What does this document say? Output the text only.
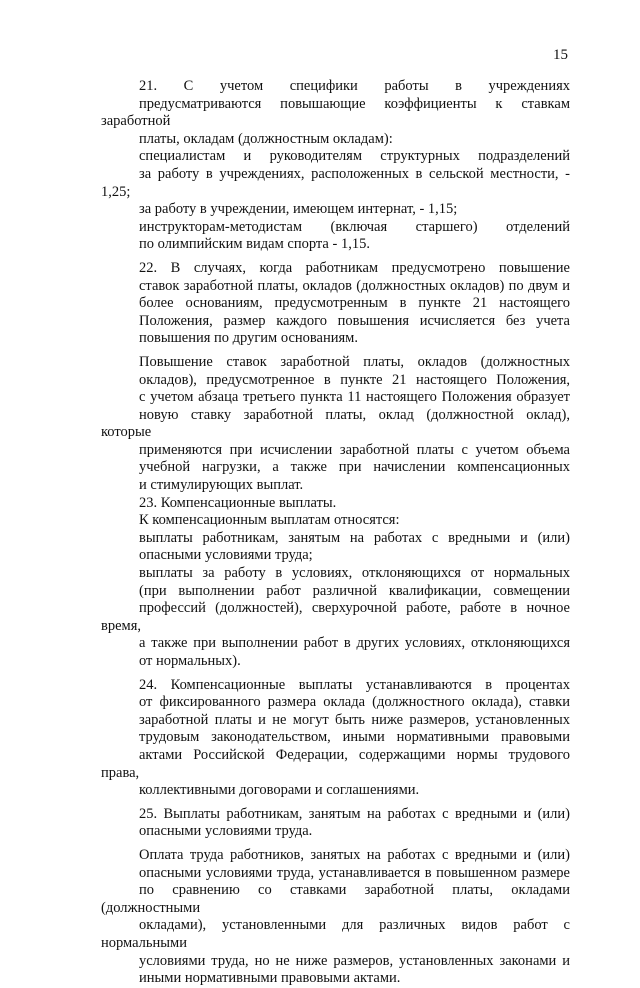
15
21. С учетом специфики работы в учреждениях
предусматриваются повышающие коэффициенты к ставкам заработной
платы, окладам (должностным окладам):
специалистам и руководителям структурных подразделений
за работу в учреждениях, расположенных в сельской местности, - 1,25;
за работу в учреждении, имеющем интернат, - 1,15;
инструкторам-методистам (включая старшего) отделений
по олимпийским видам спорта - 1,15.
22. В случаях, когда работникам предусмотрено повышение
ставок заработной платы, окладов (должностных окладов) по двум и
более основаниям, предусмотренным в пункте 21 настоящего
Положения, размер каждого повышения исчисляется без учета
повышения по другим основаниям.
Повышение ставок заработной платы, окладов (должностных
окладов), предусмотренное в пункте 21 настоящего Положения,
с учетом абзаца третьего пункта 11 настоящего Положения образует
новую ставку заработной платы, оклад (должностной оклад), которые
применяются при исчислении заработной платы с учетом объема
учебной нагрузки, а также при начислении компенсационных
и стимулирующих выплат.
23. Компенсационные выплаты.
К компенсационным выплатам относятся:
выплаты работникам, занятым на работах с вредными и (или)
опасными условиями труда;
выплаты за работу в условиях, отклоняющихся от нормальных
(при выполнении работ различной квалификации, совмещении
профессий (должностей), сверхурочной работе, работе в ночное время,
а также при выполнении работ в других условиях, отклоняющихся
от нормальных).
24. Компенсационные выплаты устанавливаются в процентах
от фиксированного размера оклада (должностного оклада), ставки
заработной платы и не могут быть ниже размеров, установленных
трудовым законодательством, иными нормативными правовыми
актами Российской Федерации, содержащими нормы трудового права,
коллективными договорами и соглашениями.
25. Выплаты работникам, занятым на работах с вредными и (или)
опасными условиями труда.
Оплата труда работников, занятых на работах с вредными и (или)
опасными условиями труда, устанавливается в повышенном размере
по сравнению со ставками заработной платы, окладами (должностными
окладами), установленными для различных видов работ с нормальными
условиями труда, но не ниже размеров, установленных законами и
иными нормативными правовыми актами.
